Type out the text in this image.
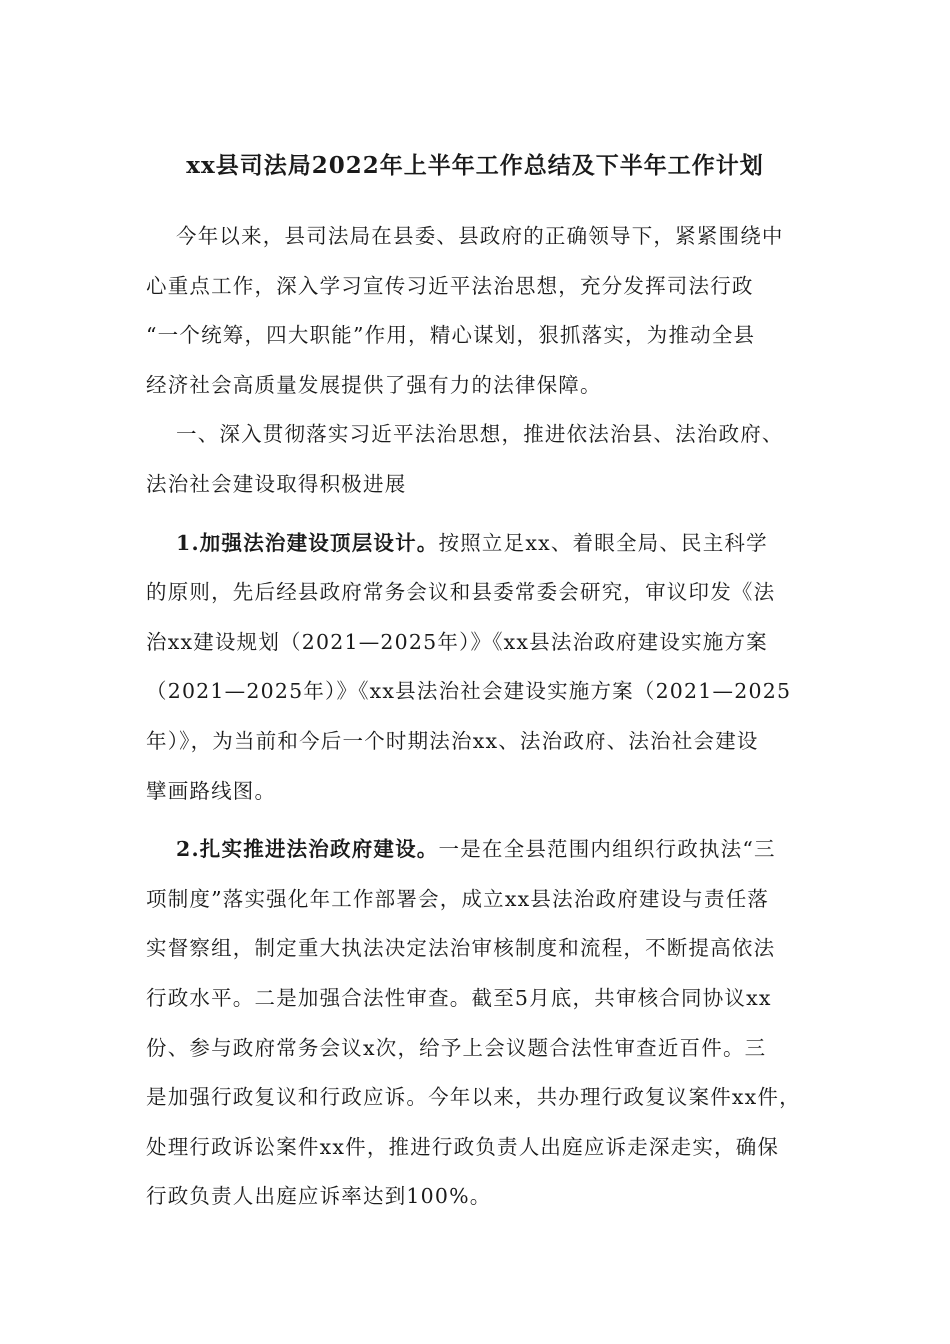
xx县司法局2022年上半年工作总结及下半年工作计划
今年以来，县司法局在县委、县政府的正确领导下，紧紧围绕中
心重点工作，深入学习宣传习近平法治思想，充分发挥司法行政
“一个统筹，四大职能”作用，精心谋划，狠抓落实，为推动全县
经济社会高质量发展提供了强有力的法律保障。
一、深入贯彻落实习近平法治思想，推进依法治县、法治政府、
法治社会建设取得积极进展
1.加强法治建设顶层设计。按照立足xx、着眼全局、民主科学
的原则，先后经县政府常务会议和县委常委会研究，审议印发《法
治xx建设规划（2021—2025年）》《xx县法治政府建设实施方案
（2021—2025年）》《xx县法治社会建设实施方案（2021—2025
年）》，为当前和今后一个时期法治xx、法治政府、法治社会建设
擘画路线图。
2.扎实推进法治政府建设。一是在全县范围内组织行政执法“三
项制度”落实强化年工作部署会，成立xx县法治政府建设与责任落
实督察组，制定重大执法决定法治审核制度和流程，不断提高依法
行政水平。二是加强合法性审查。截至5月底，共审核合同协议xx
份、参与政府常务会议x次，给予上会议题合法性审查近百件。三
是加强行政复议和行政应诉。今年以来，共办理行政复议案件xx件，
处理行政诉讼案件xx件，推进行政负责人出庭应诉走深走实，确保
行政负责人出庭应诉率达到100%。
